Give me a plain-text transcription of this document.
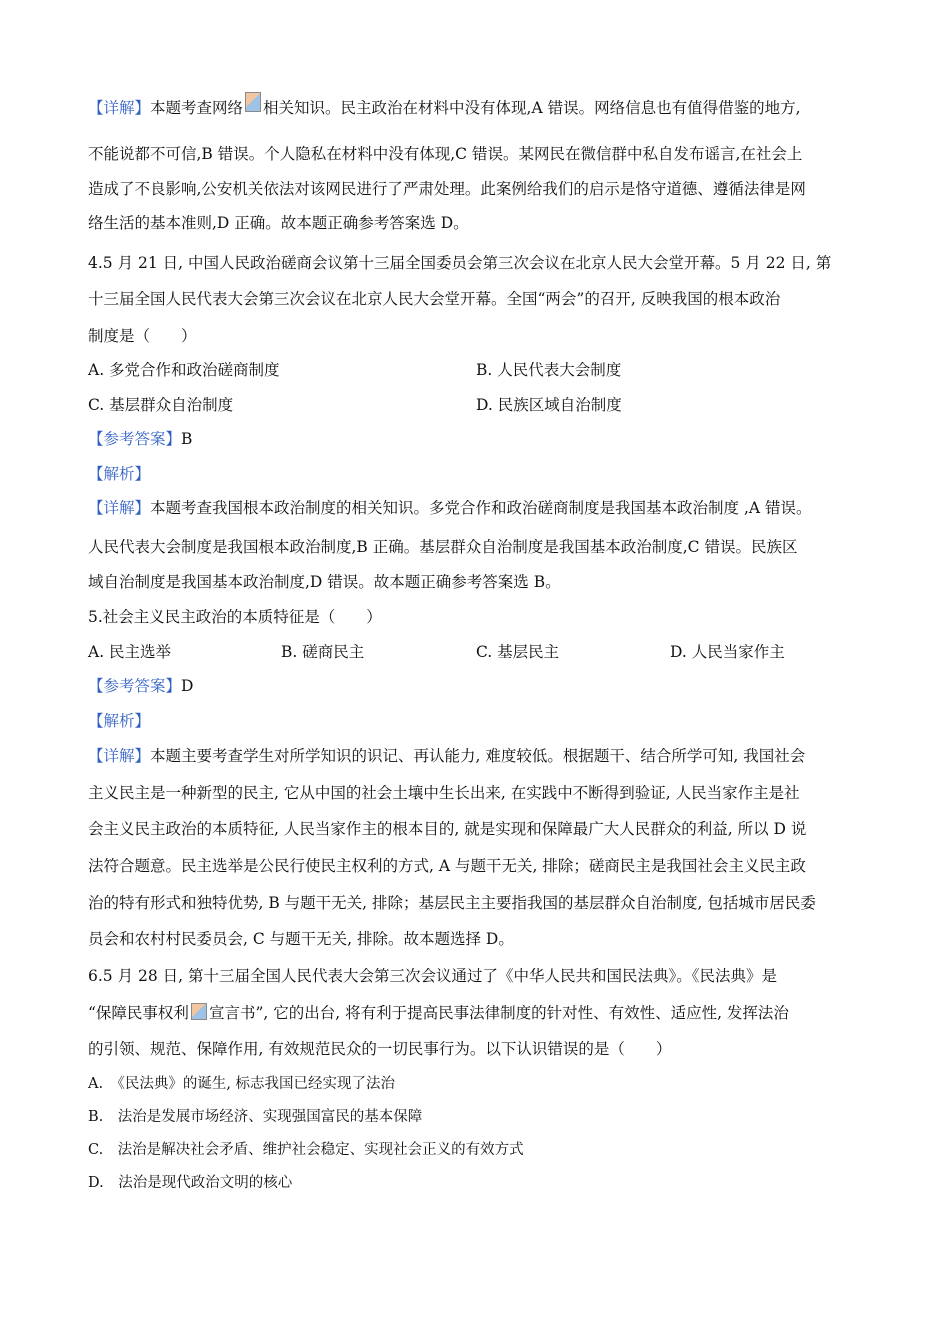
【详解】本题考查网络 相关知识。民主政治在材料中没有体现,A 错误。网络信息也有值得借鉴的地方,
不能说都不可信,B 错误。个人隐私在材料中没有体现,C 错误。某网民在微信群中私自发布谣言,在社会上
造成了不良影响,公安机关依法对该网民进行了严肃处理。此案例给我们的启示是恪守道德、遵循法律是网
络生活的基本准则,D 正确。故本题正确参考答案选 D。
4.5 月 21 日, 中国人民政治磋商会议第十三届全国委员会第三次会议在北京人民大会堂开幕。5 月 22 日, 第
十三届全国人民代表大会第三次会议在北京人民大会堂开幕。全国“两会”的召开, 反映我国的根本政治
制度是（　　）
A. 多党合作和政治磋商制度	B. 人民代表大会制度
C. 基层群众自治制度	D. 民族区域自治制度
【参考答案】B
【解析】
【详解】本题考查我国根本政治制度的相关知识。多党合作和政治磋商制度是我国基本政治制度 ,A 错误。
人民代表大会制度是我国根本政治制度,B 正确。基层群众自治制度是我国基本政治制度,C 错误。民族区
域自治制度是我国基本政治制度,D 错误。故本题正确参考答案选 B。
5.社会主义民主政治的本质特征是（　　）
A. 民主选举	B. 磋商民主	C. 基层民主	D. 人民当家作主
【参考答案】D
【解析】
【详解】本题主要考查学生对所学知识的识记、再认能力, 难度较低。根据题干、结合所学可知, 我国社会
主义民主是一种新型的民主, 它从中国的社会土壤中生长出来, 在实践中不断得到验证, 人民当家作主是社
会主义民主政治的本质特征, 人民当家作主的根本目的, 就是实现和保障最广大人民群众的利益, 所以 D 说
法符合题意。民主选举是公民行使民主权利的方式, A 与题干无关, 排除；磋商民主是我国社会主义民主政
治的特有形式和独特优势, B 与题干无关, 排除；基层民主主要指我国的基层群众自治制度, 包括城市居民委
员会和农村村民委员会, C 与题干无关, 排除。故本题选择 D。
6.5 月 28 日, 第十三届全国人民代表大会第三次会议通过了《中华人民共和国民法典》。《民法典》是
“保障民事权利 宣言书”, 它的出台, 将有利于提高民事法律制度的针对性、有效性、适应性, 发挥法治
的引领、规范、保障作用, 有效规范民众的一切民事行为。以下认识错误的是（　　）
A.　《民法典》的诞生, 标志我国已经实现了法治
B.　法治是发展市场经济、实现强国富民的基本保障
C.　法治是解决社会矛盾、维护社会稳定、实现社会正义的有效方式
D.　法治是现代政治文明的核心
